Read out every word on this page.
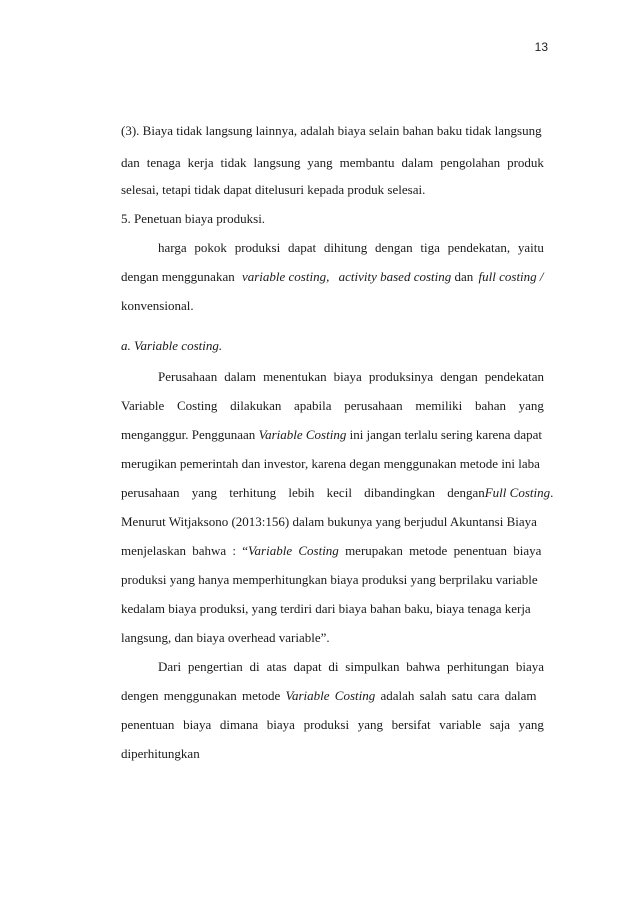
13
(3). Biaya tidak langsung lainnya, adalah biaya selain bahan baku tidak langsung
dan tenaga kerja tidak langsung yang membantu dalam pengolahan produk
selesai, tetapi tidak dapat ditelusuri kepada produk selesai.
5. Penetuan biaya produksi.
harga pokok produksi dapat dihitung dengan tiga pendekatan, yaitu
dengan menggunakan variable costing, activity based costing dan full costing /
konvensional.
a. Variable costing.
Perusahaan dalam menentukan biaya produksinya dengan pendekatan
Variable Costing dilakukan apabila perusahaan memiliki bahan yang
menganggur. Penggunaan Variable Costing ini jangan terlalu sering karena dapat
merugikan pemerintah dan investor, karena degan menggunakan metode ini laba
perusahaan yang terhitung lebih kecil dibandingkan dengan Full Costing.
Menurut Witjaksono (2013:156) dalam bukunya yang berjudul Akuntansi Biaya
menjelaskan bahwa : “Variable Costing merupakan metode penentuan biaya
produksi yang hanya memperhitungkan biaya produksi yang berprilaku variable
kedalam biaya produksi, yang terdiri dari biaya bahan baku, biaya tenaga kerja
langsung, dan biaya overhead variable”.
Dari pengertian di atas dapat di simpulkan bahwa perhitungan biaya
dengen menggunakan metode Variable Costing adalah salah satu cara dalam
penentuan biaya dimana biaya produksi yang bersifat variable saja yang
diperhitungkan
